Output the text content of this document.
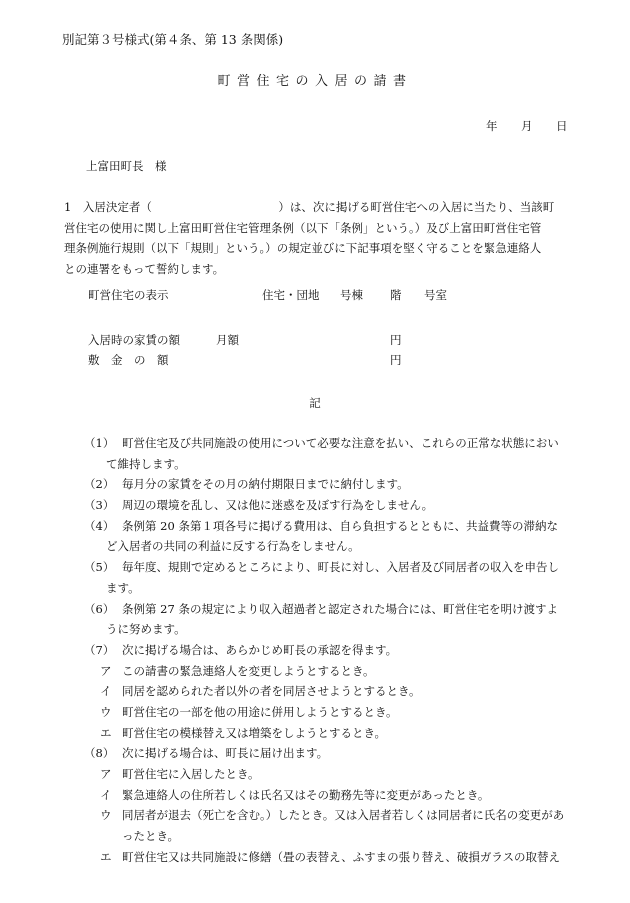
別記第３号様式(第４条、第 13 条関係)
町営住宅の入居の請書
年 月 日
上富田町長　様
1　入居決定者（　　　　　　　　　　　）は、次に掲げる町営住宅への入居に当たり、当該町
営住宅の使用に関し上富田町営住宅管理条例（以下「条例」という。）及び上富田町営住宅管
理条例施行規則（以下「規則」という。）の規定並びに下記事項を堅く守ることを緊急連絡人
との連署をもって誓約します。
町営住宅の表示	住宅・団地 号棟 階 号室
入居時の家賃の額	月額	円
敷　金　の　額	円
記
（1） 町営住宅及び共同施設の使用について必要な注意を払い、これらの正常な状態におい
て維持します。
（2） 毎月分の家賃をその月の納付期限日までに納付します。
（3） 周辺の環境を乱し、又は他に迷惑を及ぼす行為をしません。
（4） 条例第 20 条第１項各号に掲げる費用は、自ら負担するとともに、共益費等の滞納な
ど入居者の共同の利益に反する行為をしません。
（5） 毎年度、規則で定めるところにより、町長に対し、入居者及び同居者の収入を申告し
ます。
（6） 条例第 27 条の規定により収入超過者と認定された場合には、町営住宅を明け渡すよ
うに努めます。
（7） 次に掲げる場合は、あらかじめ町長の承認を得ます。
ア この請書の緊急連絡人を変更しようとするとき。
イ 同居を認められた者以外の者を同居させようとするとき。
ウ 町営住宅の一部を他の用途に併用しようとするとき。
エ 町営住宅の模様替え又は増築をしようとするとき。
（8） 次に掲げる場合は、町長に届け出ます。
ア 町営住宅に入居したとき。
イ 緊急連絡人の住所若しくは氏名又はその勤務先等に変更があったとき。
ウ 同居者が退去（死亡を含む。）したとき。又は入居者若しくは同居者に氏名の変更があ
ったとき。
エ 町営住宅又は共同施設に修繕（畳の表替え、ふすまの張り替え、破損ガラスの取替え
